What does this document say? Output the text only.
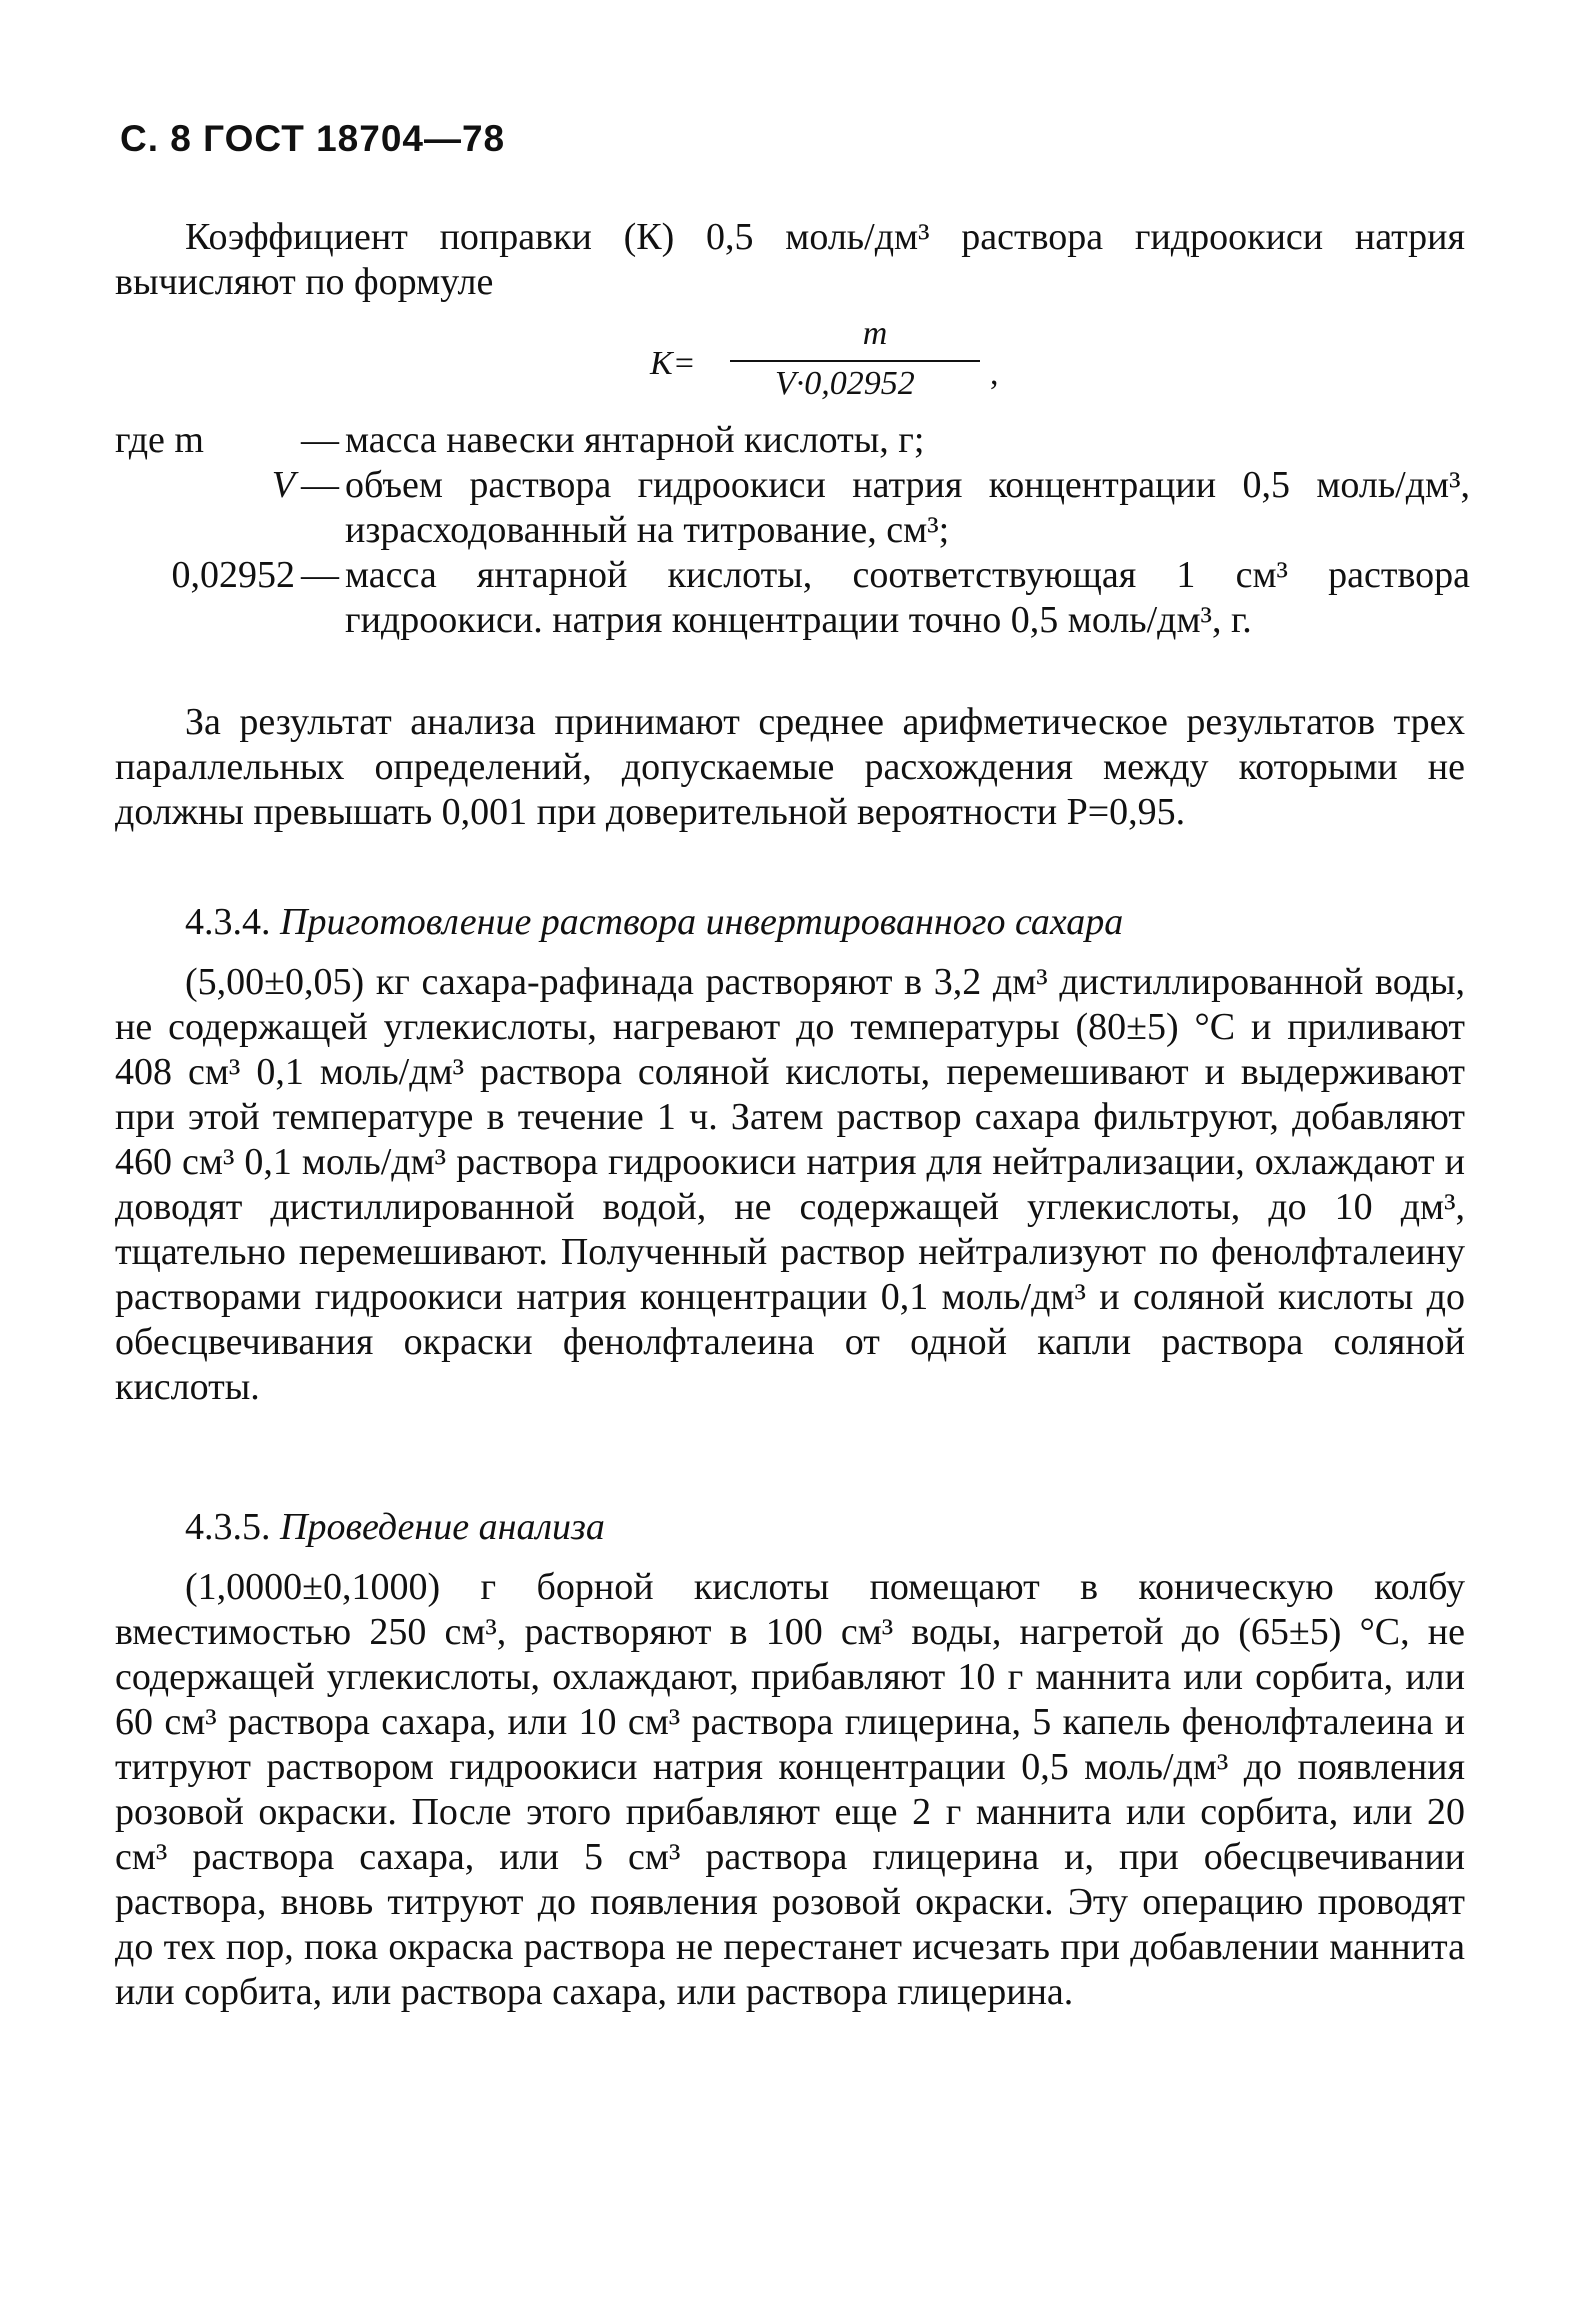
С. 8 ГОСТ 18704—78
Коэффициент поправки (К) 0,5 моль/дм³ раствора гидроокиси натрия вычисляют по формуле
K=
m
V·0,02952 ,
где m	— масса навески янтарной кислоты, г;
V — объем раствора гидроокиси натрия концентрации 0,5 моль/дм³, израсходованный на титрование, см³;
0,02952 — масса янтарной кислоты, соответствующая 1 см³ раствора гидроокиси. натрия концентрации точно 0,5 моль/дм³, г.
За результат анализа принимают среднее арифметическое результатов трех параллельных определений, допускаемые расхождения между которыми не должны превышать 0,001 при доверительной вероятности P=0,95.
4.3.4. Приготовление раствора инвертированного сахара
(5,00±0,05) кг сахара-рафинада растворяют в 3,2 дм³ дистиллированной воды, не содержащей углекислоты, нагревают до температуры (80±5) °С и приливают 408 см³ 0,1 моль/дм³ раствора соляной кислоты, перемешивают и выдерживают при этой температуре в течение 1 ч. Затем раствор сахара фильтруют, добавляют 460 см³ 0,1 моль/дм³ раствора гидроокиси натрия для нейтрализации, охлаждают и доводят дистиллированной водой, не содержащей углекислоты, до 10 дм³, тщательно перемешивают. Полученный раствор нейтрализуют по фенолфталеину растворами гидроокиси натрия концентрации 0,1 моль/дм³ и соляной кислоты до обесцвечивания окраски фенолфталеина от одной капли раствора соляной кислоты.
4.3.5. Проведение анализа
(1,0000±0,1000) г борной кислоты помещают в коническую колбу вместимостью 250 см³, растворяют в 100 см³ воды, нагретой до (65±5) °С, не содержащей углекислоты, охлаждают, прибавляют 10 г маннита или сорбита, или 60 см³ раствора сахара, или 10 см³ раствора глицерина, 5 капель фенолфталеина и титруют раствором гидроокиси натрия концентрации 0,5 моль/дм³ до появления розовой окраски. После этого прибавляют еще 2 г маннита или сорбита, или 20 см³ раствора сахара, или 5 см³ раствора глицерина и, при обесцвечивании раствора, вновь титруют до появления розовой окраски. Эту операцию проводят до тех пор, пока окраска раствора не перестанет исчезать при добавлении маннита или сорбита, или раствора сахара, или раствора глицерина.
